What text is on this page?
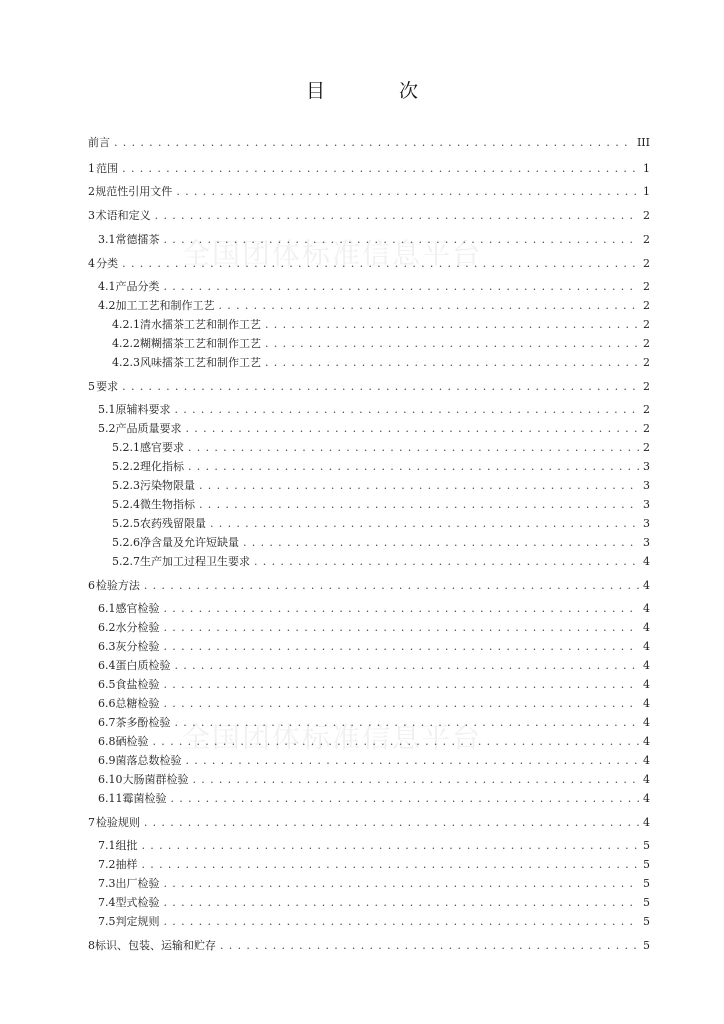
目 次
全国团体标准信息平台
全国团体标准信息平台
前言 . . .	III
1 范围 . . .	1
2 规范性引用文件 . . .	1
3 术语和定义 . . .	2
3.1 常德擂茶 . . .	2
4 分类 . . .	2
4.1 产品分类 . . .	2
4.2 加工工艺和制作工艺 . . .	2
4.2.1 清水擂茶工艺和制作工艺 . . .	2
4.2.2 糊糊擂茶工艺和制作工艺 . . .	2
4.2.3 风味擂茶工艺和制作工艺 . . .	2
5 要求 . . .	2
5.1 原辅料要求 . . .	2
5.2 产品质量要求 . . .	2
5.2.1 感官要求 . . .	2
5.2.2 理化指标 . . .	3
5.2.3 污染物限量 . . .	3
5.2.4 微生物指标 . . .	3
5.2.5 农药残留限量 . . .	3
5.2.6 净含量及允许短缺量 . . .	3
5.2.7 生产加工过程卫生要求 . . .	4
6 检验方法 . . .	4
6.1 感官检验 . . .	4
6.2 水分检验 . . .	4
6.3 灰分检验 . . .	4
6.4 蛋白质检验 . . .	4
6.5 食盐检验 . . .	4
6.6 总糖检验 . . .	4
6.7 茶多酚检验 . . .	4
6.8 硒检验 . . .	4
6.9 菌落总数检验 . . .	4
6.10 大肠菌群检验 . . .	4
6.11 霉菌检验 . . .	4
7 检验规则 . . .	4
7.1 组批 . . .	5
7.2 抽样 . . .	5
7.3 出厂检验 . . .	5
7.4 型式检验 . . .	5
7.5 判定规则 . . .	5
8 标识、包装、运输和贮存 . . .	5
